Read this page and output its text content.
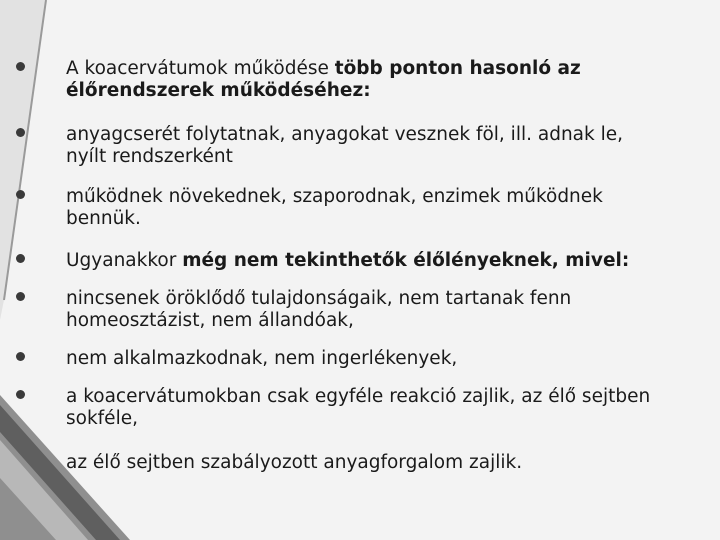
A koacervátumok működése több ponton hasonló az élőrendszerek működéséhez:
anyagcserét folytatnak, anyagokat vesznek föl, ill. adnak le, nyílt rendszerként
működnek növekednek, szaporodnak, enzimek működnek bennük.
Ugyanakkor még nem tekinthetők élőlényeknek, mivel:
nincsenek öröklődő tulajdonságaik, nem tartanak fenn homeosztázist, nem állandóak,
nem alkalmazkodnak, nem ingerlékenyek,
a koacervátumokban csak egyféle reakció zajlik, az élő sejtben sokféle,
az élő sejtben szabályozott anyagforgalom zajlik.
